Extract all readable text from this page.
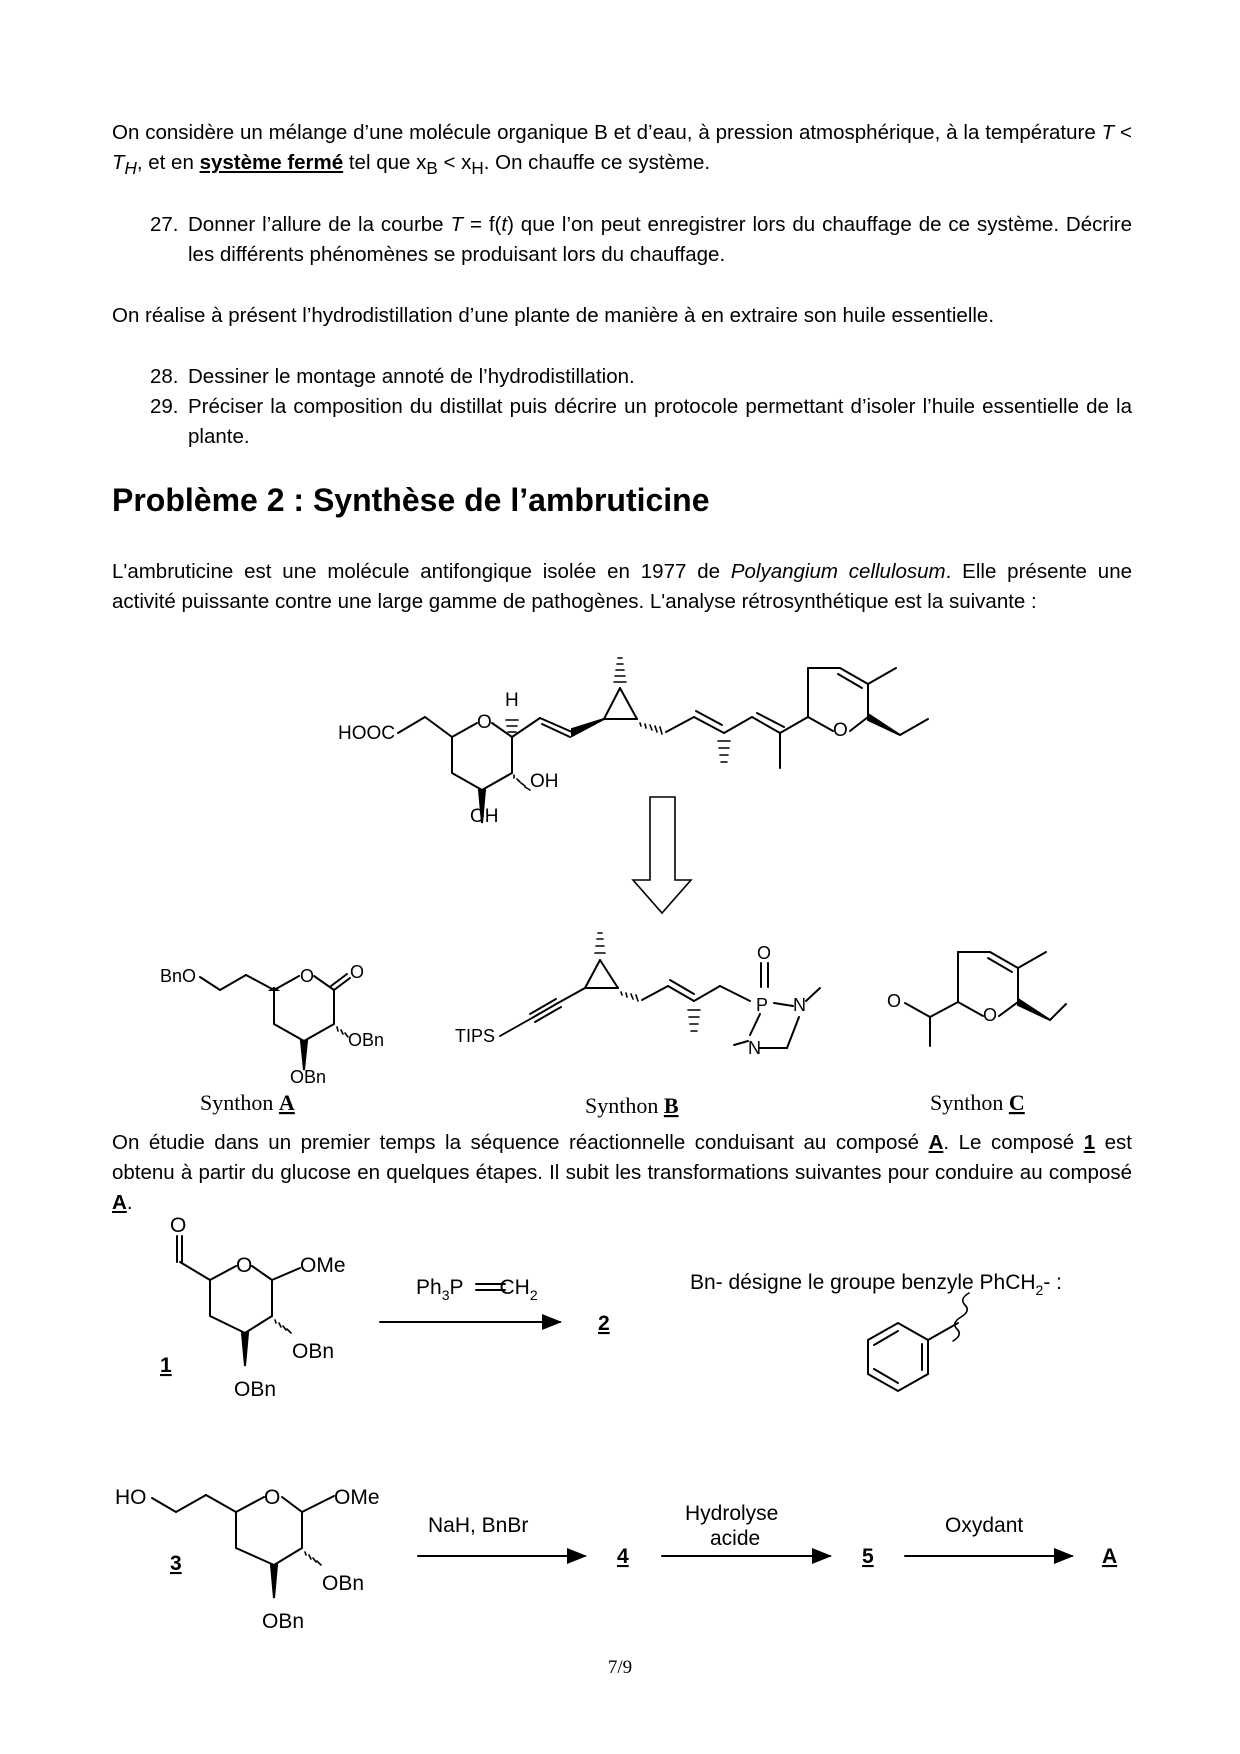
On considère un mélange d’une molécule organique B et d’eau, à pression atmosphérique, à la température $T < T_H$, et en système fermé tel que $x_B < x_H$. On chauffe ce système.
27. Donner l’allure de la courbe T = f(t) que l’on peut enregistrer lors du chauffage de ce système. Décrire les différents phénomènes se produisant lors du chauffage.
On réalise à présent l’hydrodistillation d’une plante de manière à en extraire son huile essentielle.
28. Dessiner le montage annoté de l’hydrodistillation.
29. Préciser la composition du distillat puis décrire un protocole permettant d’isoler l’huile essentielle de la plante.
Problème 2 : Synthèse de l’ambruticine
L'ambruticine est une molécule antifongique isolée en 1977 de Polyangium cellulosum. Elle présente une activité puissante contre une large gamme de pathogènes. L'analyse rétrosynthétique est la suivante :
HOOC
O
H
OH
OH
O
BnO	O O
OBn
OBn
TIPS
O
P N
N
O
O
Synthon A	Synthon B	Synthon C
O
O OMe
OBn
OBn
1
$Ph_3P$ $CH_2$
2
Bn- désigne le groupe benzyle PhCH$_2$- :
HO	O	OMe
OBn
OBn
3
NaH, BnBr
4
Hydrolyse
acide
5
Oxydant
A
On étudie dans un premier temps la séquence réactionnelle conduisant au composé A. Le composé 1 est obtenu à partir du glucose en quelques étapes. Il subit les transformations suivantes pour conduire au composé A.
7/9
